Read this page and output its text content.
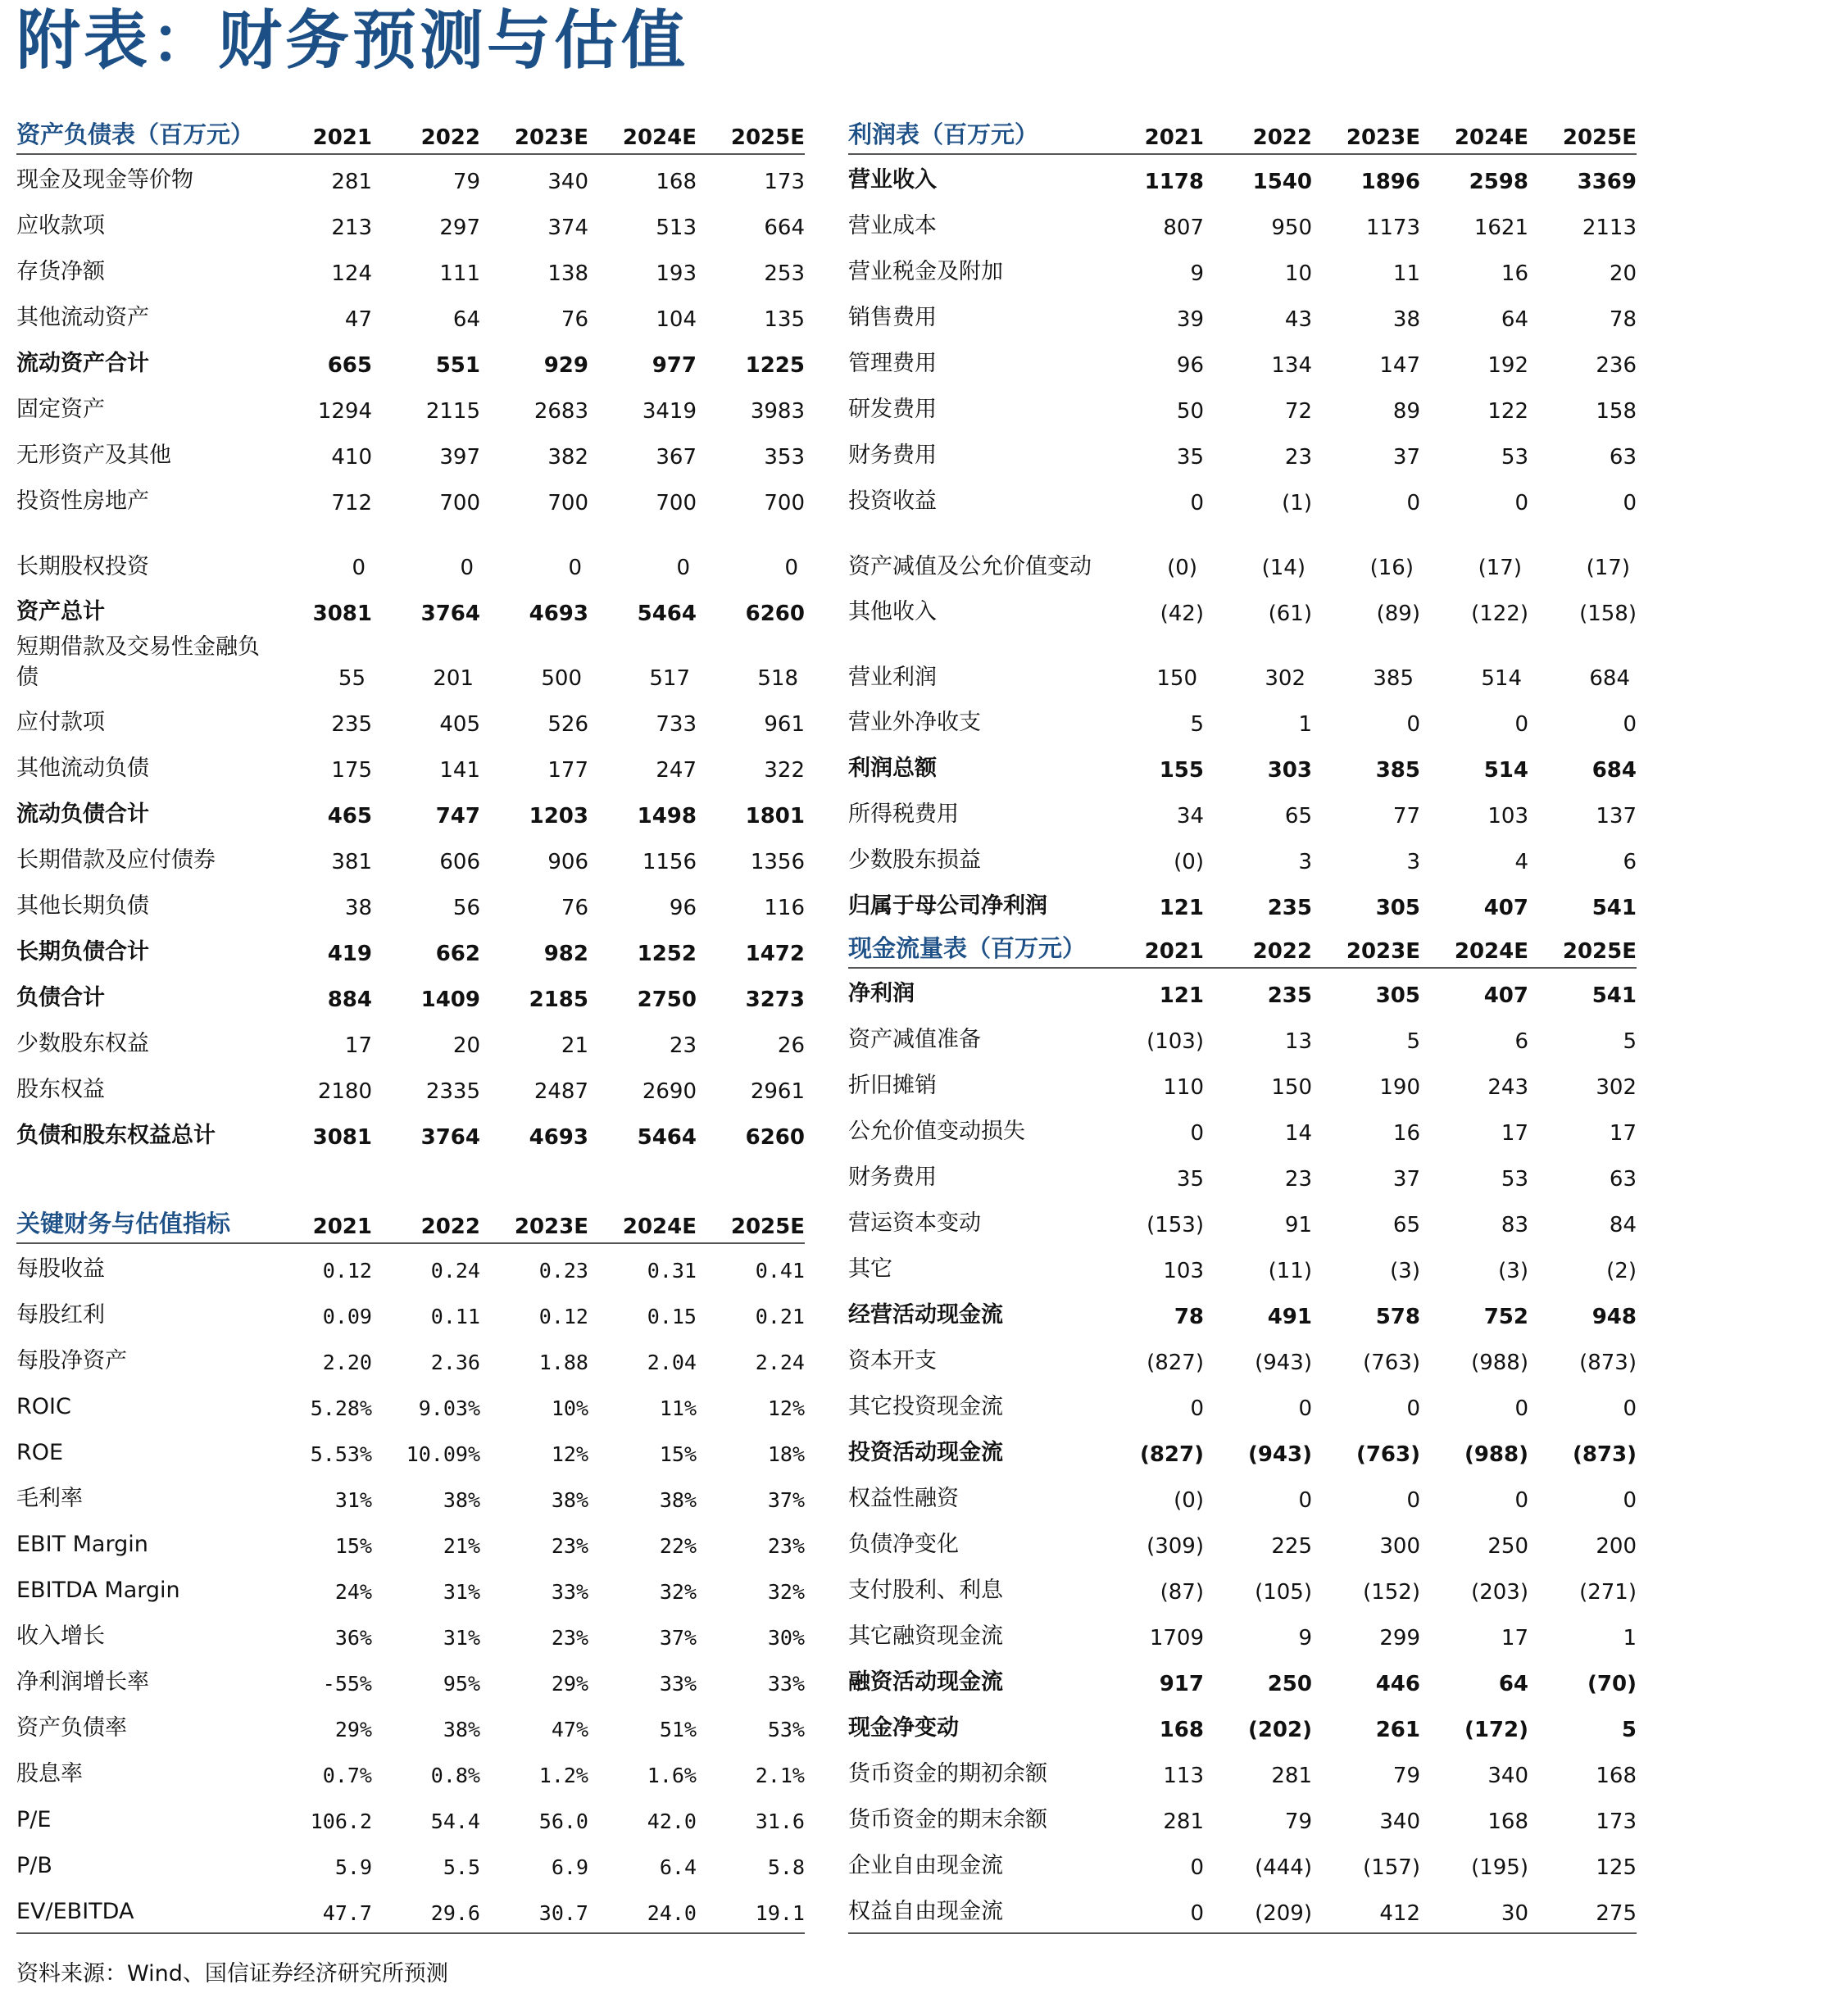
附表：财务预测与估值
资产负债表（百万元）	2021	2022	2023E	2024E	2025E
现金及现金等价物	281	79	340	168	173
应收款项	213	297	374	513	664
存货净额	124	111	138	193	253
其他流动资产	47	64	76	104	135
流动资产合计	665	551	929	977	1225
固定资产	1294	2115	2683	3419	3983
无形资产及其他	410	397	382	367	353
投资性房地产	712	700	700	700	700
长期股权投资	0	0	0	0	0
资产总计	3081	3764	4693	5464	6260
短期借款及交易性金融负债	55	201	500	517	518
应付款项	235	405	526	733	961
其他流动负债	175	141	177	247	322
流动负债合计	465	747	1203	1498	1801
长期借款及应付债券	381	606	906	1156	1356
其他长期负债	38	56	76	96	116
长期负债合计	419	662	982	1252	1472
负债合计	884	1409	2185	2750	3273
少数股东权益	17	20	21	23	26
股东权益	2180	2335	2487	2690	2961
负债和股东权益总计	3081	3764	4693	5464	6260
关键财务与估值指标	2021	2022	2023E	2024E	2025E
每股收益	0.12	0.24	0.23	0.31	0.41
每股红利	0.09	0.11	0.12	0.15	0.21
每股净资产	2.20	2.36	1.88	2.04	2.24
ROIC	5.28%	9.03%	10%	11%	12%
ROE	5.53%	10.09%	12%	15%	18%
毛利率	31%	38%	38%	38%	37%
EBIT Margin	15%	21%	23%	22%	23%
EBITDA Margin	24%	31%	33%	32%	32%
收入增长	36%	31%	23%	37%	30%
净利润增长率	-55%	95%	29%	33%	33%
资产负债率	29%	38%	47%	51%	53%
股息率	0.7%	0.8%	1.2%	1.6%	2.1%
P/E	106.2	54.4	56.0	42.0	31.6
P/B	5.9	5.5	6.9	6.4	5.8
EV/EBITDA	47.7	29.6	30.7	24.0	19.1
利润表（百万元）	2021	2022	2023E	2024E	2025E
营业收入	1178	1540	1896	2598	3369
营业成本	807	950	1173	1621	2113
营业税金及附加	9	10	11	16	20
销售费用	39	43	38	64	78
管理费用	96	134	147	192	236
研发费用	50	72	89	122	158
财务费用	35	23	37	53	63
投资收益	0	(1)	0	0	0
资产减值及公允价值变动	(0)	(14)	(16)	(17)	(17)
其他收入	(42)	(61)	(89)	(122)	(158)
营业利润	150	302	385	514	684
营业外净收支	5	1	0	0	0
利润总额	155	303	385	514	684
所得税费用	34	65	77	103	137
少数股东损益	(0)	3	3	4	6
归属于母公司净利润	121	235	305	407	541
现金流量表（百万元）	2021	2022	2023E	2024E	2025E
净利润	121	235	305	407	541
资产减值准备	(103)	13	5	6	5
折旧摊销	110	150	190	243	302
公允价值变动损失	0	14	16	17	17
财务费用	35	23	37	53	63
营运资本变动	(153)	91	65	83	84
其它	103	(11)	(3)	(3)	(2)
经营活动现金流	78	491	578	752	948
资本开支	(827)	(943)	(763)	(988)	(873)
其它投资现金流	0	0	0	0	0
投资活动现金流	(827)	(943)	(763)	(988)	(873)
权益性融资	(0)	0	0	0	0
负债净变化	(309)	225	300	250	200
支付股利、利息	(87)	(105)	(152)	(203)	(271)
其它融资现金流	1709	9	299	17	1
融资活动现金流	917	250	446	64	(70)
现金净变动	168	(202)	261	(172)	5
货币资金的期初余额	113	281	79	340	168
货币资金的期末余额	281	79	340	168	173
企业自由现金流	0	(444)	(157)	(195)	125
权益自由现金流	0	(209)	412	30	275
资料来源：Wind、国信证券经济研究所预测
